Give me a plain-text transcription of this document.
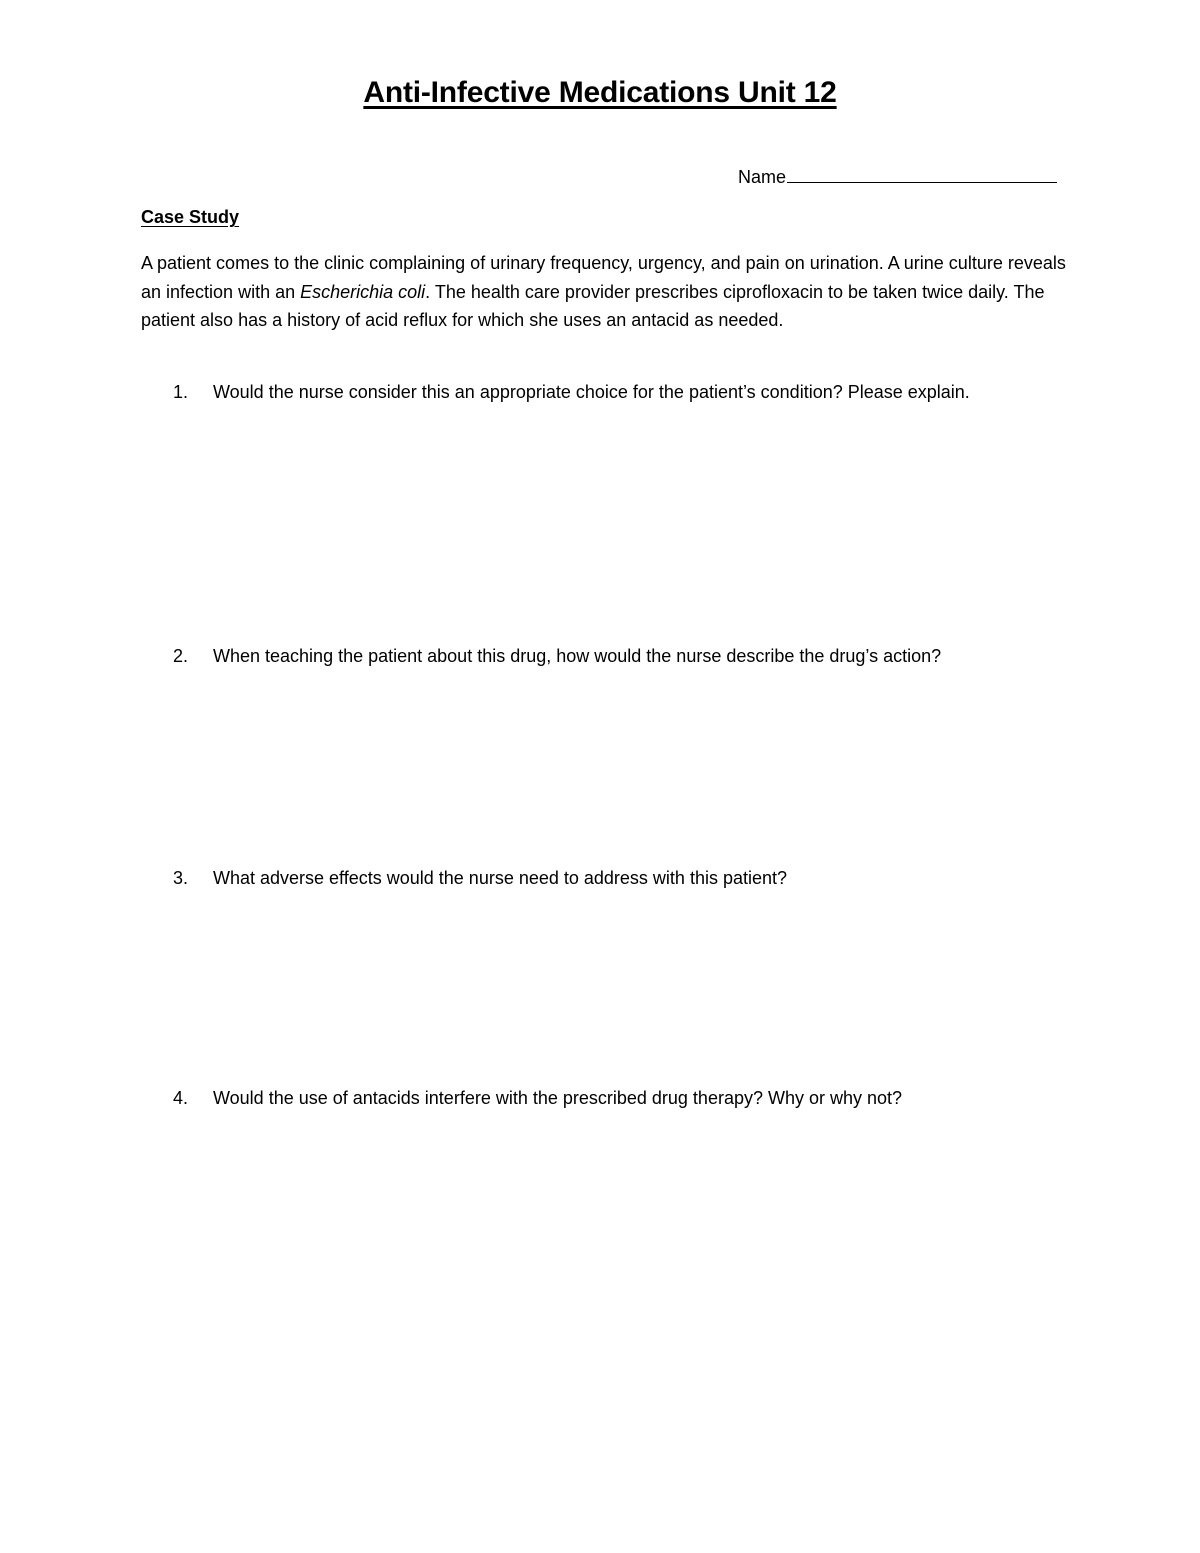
Anti-Infective Medications Unit 12
Name
Case Study
A patient comes to the clinic complaining of urinary frequency, urgency, and pain on urination. A urine culture reveals an infection with an Escherichia coli. The health care provider prescribes ciprofloxacin to be taken twice daily. The patient also has a history of acid reflux for which she uses an antacid as needed.
1. Would the nurse consider this an appropriate choice for the patient’s condition? Please explain.
2. When teaching the patient about this drug, how would the nurse describe the drug’s action?
3. What adverse effects would the nurse need to address with this patient?
4. Would the use of antacids interfere with the prescribed drug therapy? Why or why not?
